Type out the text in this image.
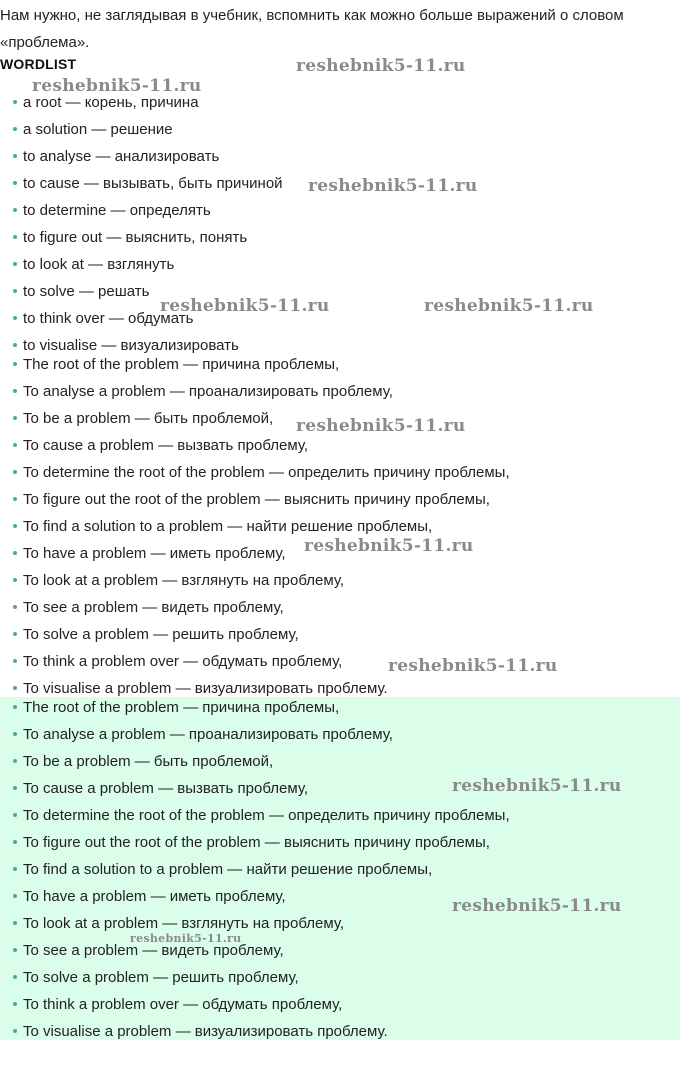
Нам нужно, не заглядывая в учебник, вспомнить как можно больше выражений о словом «проблема».
WORDLIST
a root — корень, причина
a solution — решение
to analyse — анализировать
to cause — вызывать, быть причиной
to determine — определять
to figure out — выяснить, понять
to look at — взглянуть
to solve — решать
to think over — обдумать
to visualise — визуализировать
The root of the problem — причина проблемы,
To analyse a problem — проанализировать проблему,
To be a problem — быть проблемой,
To cause a problem — вызвать проблему,
To determine the root of the problem — определить причину проблемы,
To figure out the root of the problem — выяснить причину проблемы,
To find a solution to a problem — найти решение проблемы,
To have a problem — иметь проблему,
To look at a problem — взглянуть на проблему,
To see a problem — видеть проблему,
To solve a problem — решить проблему,
To think a problem over — обдумать проблему,
To visualise a problem — визуализировать проблему.
The root of the problem — причина проблемы,
To analyse a problem — проанализировать проблему,
To be a problem — быть проблемой,
To cause a problem — вызвать проблему,
To determine the root of the problem — определить причину проблемы,
To figure out the root of the problem — выяснить причину проблемы,
To find a solution to a problem — найти решение проблемы,
To have a problem — иметь проблему,
To look at a problem — взглянуть на проблему,
To see a problem — видеть проблему,
To solve a problem — решить проблему,
To think a problem over — обдумать проблему,
To visualise a problem — визуализировать проблему.
reshebnik5-11.ru
reshebnik5-11.ru
reshebnik5-11.ru
reshebnik5-11.ru	reshebnik5-11.ru
reshebnik5-11.ru
reshebnik5-11.ru
reshebnik5-11.ru
reshebnik5-11.ru
reshebnik5-11.ru
reshebnik5-11.ru
